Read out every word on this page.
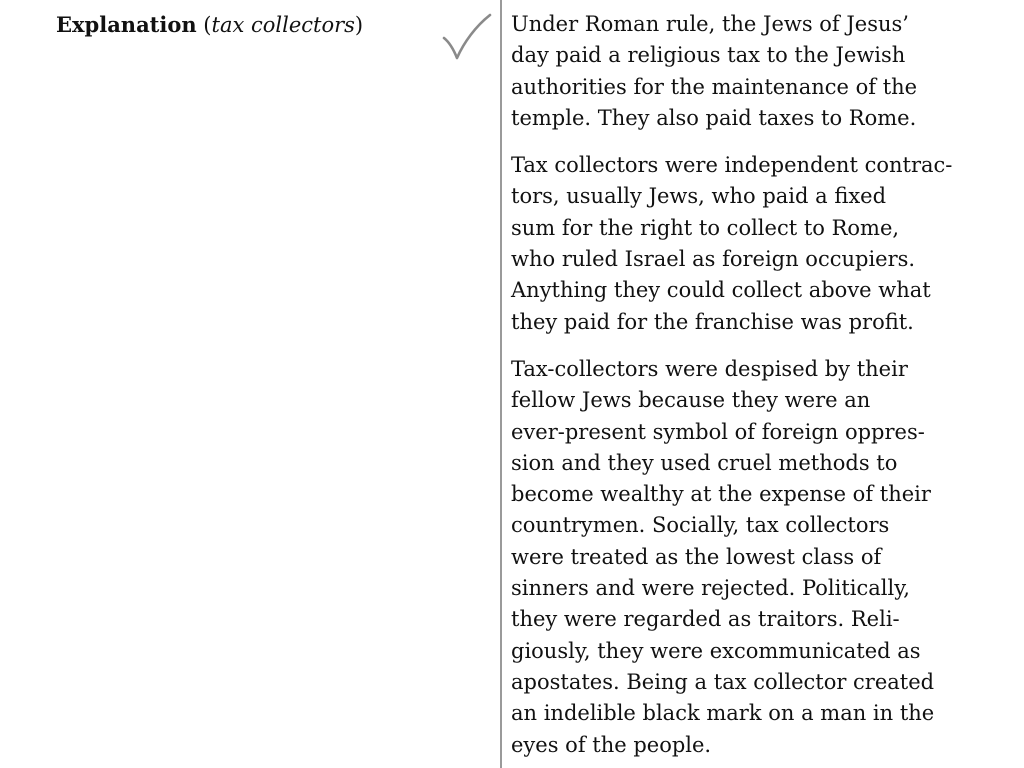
Explanation (tax collectors)	Under Roman rule, the Jews of Jesus’
day paid a religious tax to the Jewish
authorities for the maintenance of the
temple. They also paid taxes to Rome.

Tax collectors were independent contrac-
tors, usually Jews, who paid a fixed
sum for the right to collect to Rome,
who ruled Israel as foreign occupiers.
Anything they could collect above what
they paid for the franchise was profit.

Tax-collectors were despised by their
fellow Jews because they were an
ever-present symbol of foreign oppres-
sion and they used cruel methods to
become wealthy at the expense of their
countrymen. Socially, tax collectors
were treated as the lowest class of
sinners and were rejected. Politically,
they were regarded as traitors. Reli-
giously, they were excommunicated as
apostates. Being a tax collector created
an indelible black mark on a man in the
eyes of the people.
